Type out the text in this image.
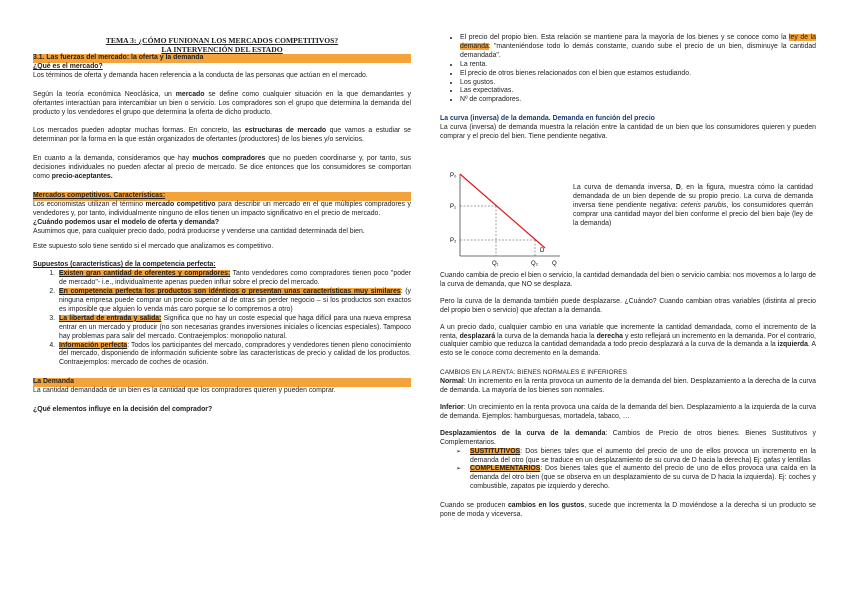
TEMA 3: ¿CÓMO FUNIONAN LOS MERCADOS COMPETITIVOS?

LA INTERVENCIÓN DEL ESTADO

3.1. Las fuerzas del mercado: la oferta y la demanda

¿Qué es el mercado?

Los términos de oferta y demanda hacen referencia a la conducta de las personas que actúan en el mercado.

Según la teoría económica Neoclásica, un mercado se define como cualquier situación en la que demandantes y ofertantes interactúan para intercambiar un bien o servicio. Los compradores son el grupo que determina la demanda del producto y los vendedores el grupo que determina la oferta de dicho producto.

Los mercados pueden adoptar muchas formas. En concreto, las estructuras de mercado que vamos a estudiar se determinan por la forma en la que están organizados de ofertantes (productores) de los bienes y/o servicios.

En cuanto a la demanda, consideramos que hay muchos compradores que no pueden coordinarse y, por tanto, sus decisiones individuales no pueden afectar al precio de mercado. Se dice entonces que los consumidores se comportan como precio-aceptantes.

Mercados competitivos. Características:

Los economistas utilizan el término mercado competitivo para describir un mercado en el que múltiples compradores y vendedores y, por tanto, individualmente ninguno de ellos tienen un impacto significativo en el precio de mercado.

¿Cuándo podemos usar el modelo de oferta y demanda?

Asumimos que, para cualquier precio dado, podrá producirse y venderse una cantidad determinada del bien.

Este supuesto solo tiene sentido si el mercado que analizamos es competitivo.

Supuestos (características) de la competencia perfecta:

1. Existen gran cantidad de oferentes y compradores: Tanto vendedores como compradores tienen poco "poder de mercado"- i.e., individualmente apenas pueden influir sobre el precio del mercado.
2. En competencia perfecta los productos son idénticos o presentan unas características muy similares: (y ninguna empresa puede comprar un precio superior al de otras sin perder negocio – si los productos son exactos es imposible que alguien lo venda más caro porque se lo compremos a otro)
3. La libertad de entrada y salida: Significa que no hay un coste especial que haga difícil para una nueva empresa entrar en un mercado y producir (no son necesarias grandes inversiones iniciales o licencias especiales). Tampoco hay problemas para salir del mercado. Contraejemplos: monopolio natural.
4. Información perfecta: Todos los participantes del mercado, compradores y vendedores tienen pleno conocimiento del mercado, disponiendo de información suficiente sobre las características de precio y calidad de los productos. Contraejemplos: mercado de coches de ocasión.
La Demanda

La cantidad demandada de un bien es la cantidad que los compradores quieren y pueden comprar.

¿Qué elementos influye en la decisión del comprador?

• El precio del propio bien. Esta relación se mantiene para la mayoría de los bienes y se conoce como la ley de la demanda: "manteniéndose todo lo demás constante, cuando sube el precio de un bien, disminuye la cantidad demandada".
• La renta.
• El precio de otros bienes relacionados con el bien que estamos estudiando.
• Los gustos.
• Las expectativas.
• Nº de compradores.

La curva (inversa) de la demanda. Demanda en función del precio

La curva (inversa) de demanda muestra la relación entre la cantidad de un bien que los consumidores quieren y pueden comprar y el precio del bien. Tiene pendiente negativa.

P₀
P₁
P₂
Q₁	Q₂ Q
D
La curva de demanda inversa, D, en la figura, muestra cómo la cantidad demandada de un bien depende de su propio precio. La curva de demanda inversa tiene pendiente negativa: ceteris parubis, los consumidores querrán comprar una cantidad mayor del bien conforme el precio del bien baje (ley de la demanda)

Cuando cambia de precio el bien o servicio, la cantidad demandada del bien o servicio cambia: nos movemos a lo largo de la curva de demanda, que NO se desplaza.

Pero la curva de la demanda también puede desplazarse. ¿Cuándo? Cuando cambian otras variables (distinta al precio del propio bien o servicio) que afectan a la demanda.

A un precio dado, cualquier cambio en una variable que incremente la cantidad demandada, como el incremento de la renta, desplazará la curva de la demanda hacia la derecha y esto reflejará un incremento en la demanda. Por el contrario, cualquier cambio que reduzca la cantidad demandada a todo precio desplazará a la curva de la demanda a la izquierda. A esto se le conoce como decremento en la demanda.

CAMBIOS EN LA RENTA: BIENES NORMALES E INFERIORES

Normal: Un incremento en la renta provoca un aumento de la demanda del bien. Desplazamiento a la derecha de la curva de demanda. La mayoría de los bienes son normales.

Inferior: Un crecimiento en la renta provoca una caída de la demanda del bien. Desplazamiento a la izquierda de la curva de demanda. Ejemplos: hamburguesas, mortadela, tabaco, …

Desplazamientos de la curva de la demanda: Cambios de Precio de otros bienes. Bienes Sustitutivos y Complementarios.

➢ SUSTITUTIVOS: Dos bienes tales que el aumento del precio de uno de ellos provoca un incremento en la demanda del otro (que se traduce en un desplazamiento de su curva de D hacia la derecha) Ej: gafas y lentillas
➢ COMPLEMENTARIOS: Dos bienes tales que el aumento del precio de uno de ellos provoca una caída en la demanda del otro bien (que se observa en un desplazamiento de su curva de D hacia la izquierda). Ej: coches y combustible, zapatos pie izquierdo y derecho.

Cuando se producen cambios en los gustos, sucede que incrementa la D moviéndose a la derecha si un producto se pone de moda y viceversa.
